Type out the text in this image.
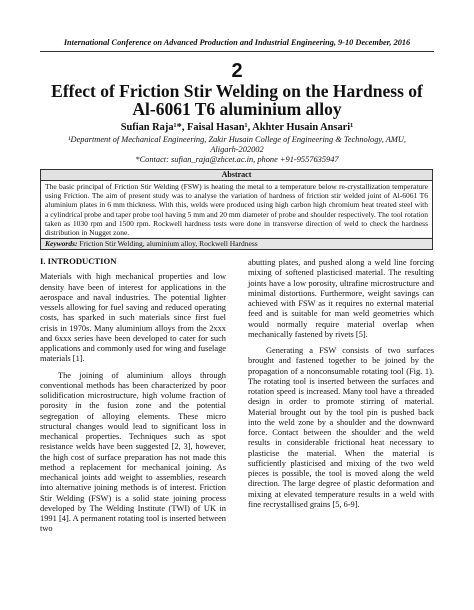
International Conference on Advanced Production and Industrial Engineering, 9-10 December, 2016
2
Effect of Friction Stir Welding on the Hardness of
Al-6061 T6 aluminium alloy
Sufian Raja¹*, Faisal Hasan¹, Akhter Husain Ansari¹
¹Department of Mechanical Engineering, Zakir Husain College of Engineering & Technology, AMU,
Aligarh-202002
*Contact: sufian_raja@zhcet.ac.in, phone +91-9557635947
Abstract
The basic principal of Friction Stir Welding (FSW) is heating the metal to a temperature below re-crystallization temperature using Friction. The aim of present study was to analyse the variation of hardness of friction stir welded joint of Al-6061 T6 aluminium plates in 6 mm thickness. With this, welds were produced using high carbon high chromium heat treated steel with a cylindrical probe and taper probe tool having 5 mm and 20 mm diameter of probe and shoulder respectively. The tool rotation taken as 1030 rpm and 1500 rpm. Rockwell hardness tests were done in transverse direction of weld to check the hardness distribution in Nugget zone.
Keywords: Friction Stir Welding, aluminium alloy, Rockwell Hardness
I. INTRODUCTION

Materials with high mechanical properties and low density have been of interest for applications in the aerospace and naval industries. The potential lighter vessels allowing for fuel saving and reduced operating costs, has sparked in such materials since first fuel crisis in 1970s. Many aluminium alloys from the 2xxx and 6xxx series have been developed to cater for such applications and commonly used for wing and fuselage materials [1].

The joining of aluminium alloys through conventional methods has been characterized by poor solidification microstructure, high volume fraction of porosity in the fusion zone and the potential segregation of alloying elements. These micro structural changes would lead to significant loss in mechanical properties. Techniques such as spot resistance welds have been suggested [2, 3], however, the high cost of surface preparation has not made this method a replacement for mechanical joining. As mechanical joints add weight to assemblies, research into alternative joining methods is of interest. Friction Stir Welding (FSW) is a solid state joining process developed by The Welding Institute (TWI) of UK in 1991 [4]. A permanent rotating tool is inserted between two

abutting plates, and pushed along a weld line forcing mixing of softened plasticised material. The resulting joints have a low porosity, ultrafine microstructure and minimal distortions. Furthermore, weight savings can achieved with FSW as it requires no external material feed and is suitable for man weld geometries which would normally require material overlap when mechanically fastened by rivets [5].

Generating a FSW consists of two surfaces brought and fastened together to be joined by the propagation of a nonconsumable rotating tool (Fig. 1). The rotating tool is inserted between the surfaces and rotation speed is increased. Many tool have a threaded design in order to promote stirring of material. Material brought out by the tool pin is pushed back into the weld zone by a shoulder and the downward force. Contact between the shoulder and the weld results in considerable frictional heat necessary to plasticise the material. When the material is sufficiently plasticised and mixing of the two weld pieces is possible, the tool is moved along the weld direction. The large degree of plastic deformation and mixing at elevated temperature results in a weld with fine recrystallised grains [5, 6-9].
